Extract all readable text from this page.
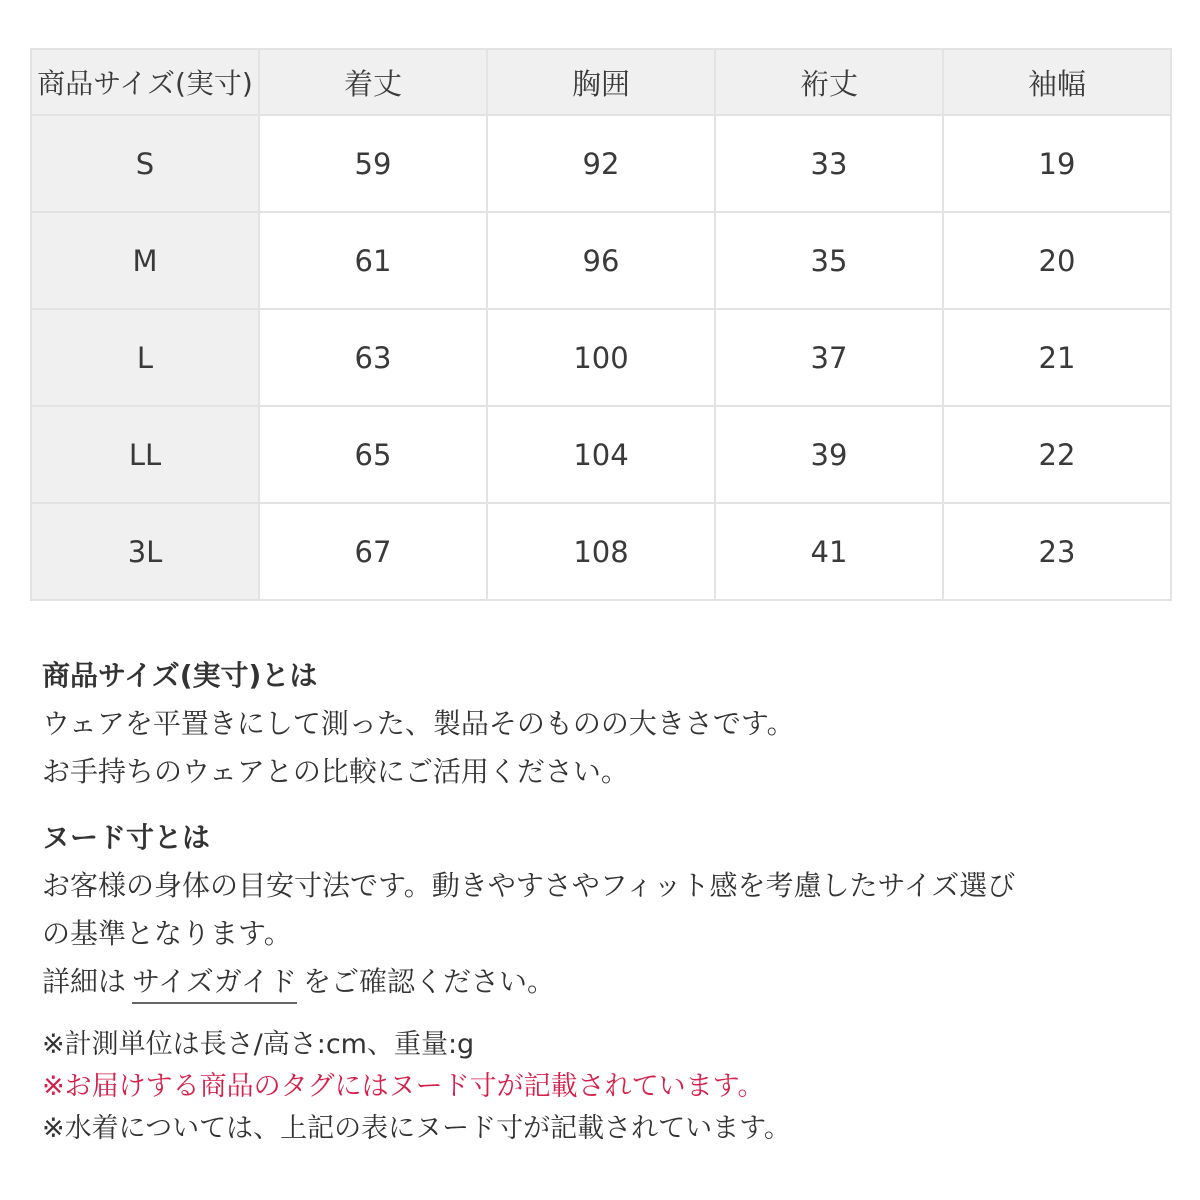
商品サイズ(実寸)	着丈	胸囲	裄丈	袖幅
S	59	92	33	19
M	61	96	35	20
L	63	100	37	21
LL	65	104	39	22
3L	67	108	41	23

商品サイズ(実寸)とは

ウェアを平置きにして測った、製品そのものの大きさです。

お手持ちのウェアとの比較にご活用ください。

ヌード寸とは

お客様の身体の目安寸法です。動きやすさやフィット感を考慮したサイズ選び

の基準となります。

詳細は サイズガイド をご確認ください。

※計測単位は長さ/高さ:cm、重量:g

※お届けする商品のタグにはヌード寸が記載されています。

※水着については、上記の表にヌード寸が記載されています。
